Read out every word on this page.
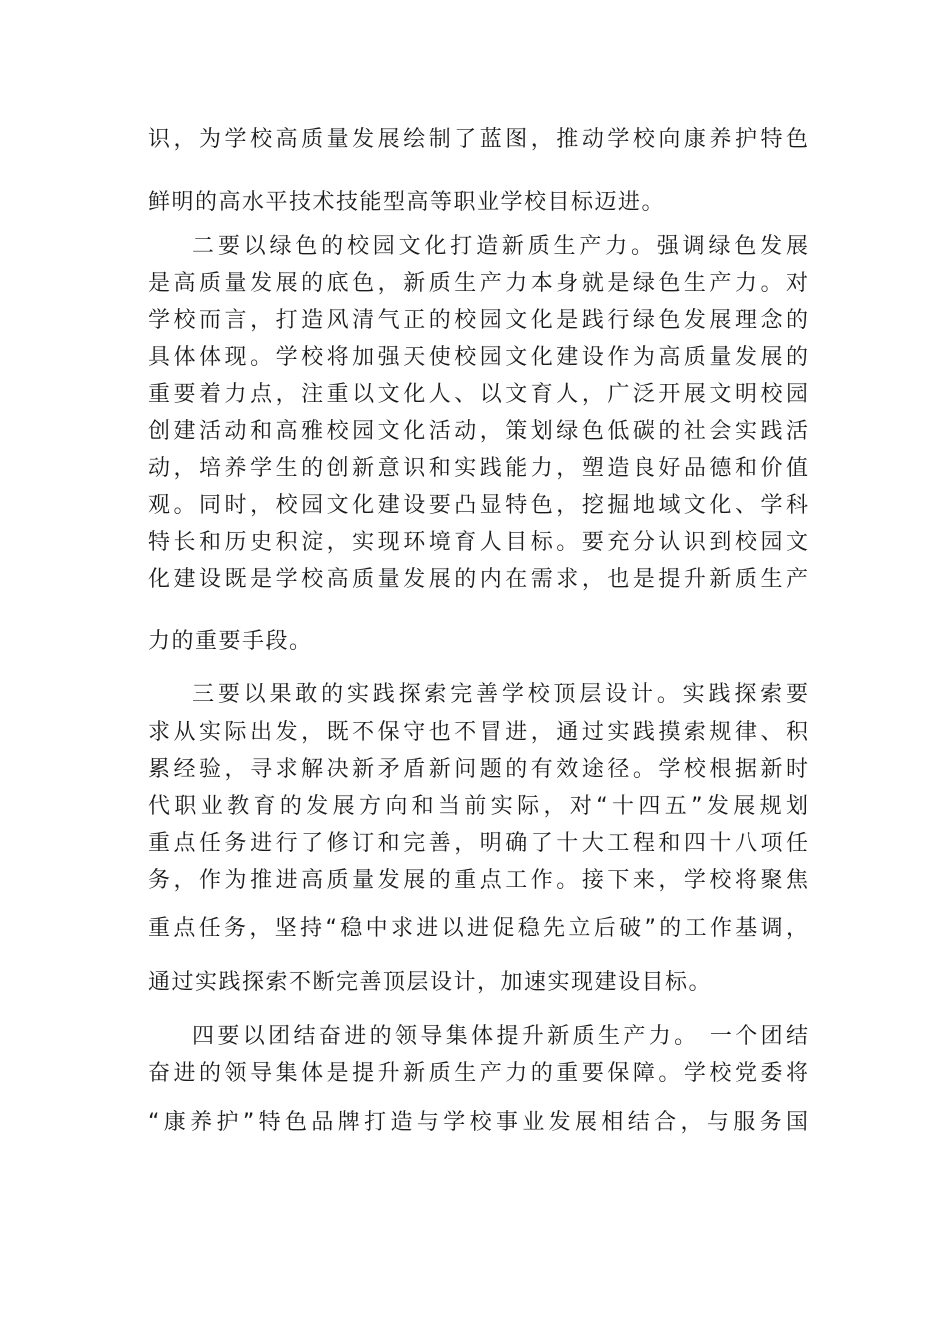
识，为学校高质量发展绘制了蓝图，推动学校向康养护特色
鲜明的高水平技术技能型高等职业学校目标迈进。
二要以绿色的校园文化打造新质生产力。强调绿色发展
是高质量发展的底色，新质生产力本身就是绿色生产力。对
学校而言，打造风清气正的校园文化是践行绿色发展理念的
具体体现。学校将加强天使校园文化建设作为高质量发展的
重要着力点，注重以文化人、以文育人，广泛开展文明校园
创建活动和高雅校园文化活动，策划绿色低碳的社会实践活
动，培养学生的创新意识和实践能力，塑造良好品德和价值
观。同时，校园文化建设要凸显特色，挖掘地域文化、学科
特长和历史积淀，实现环境育人目标。要充分认识到校园文
化建设既是学校高质量发展的内在需求，也是提升新质生产
力的重要手段。
三要以果敢的实践探索完善学校顶层设计。实践探索要
求从实际出发，既不保守也不冒进，通过实践摸索规律、积
累经验，寻求解决新矛盾新问题的有效途径。学校根据新时
代职业教育的发展方向和当前实际，对“十四五”发展规划
重点任务进行了修订和完善，明确了十大工程和四十八项任
务，作为推进高质量发展的重点工作。接下来，学校将聚焦
重点任务，坚持“稳中求进以进促稳先立后破”的工作基调，
通过实践探索不断完善顶层设计，加速实现建设目标。
四要以团结奋进的领导集体提升新质生产力。 一个团结
奋进的领导集体是提升新质生产力的重要保障。学校党委将
“康养护”特色品牌打造与学校事业发展相结合，与服务国
